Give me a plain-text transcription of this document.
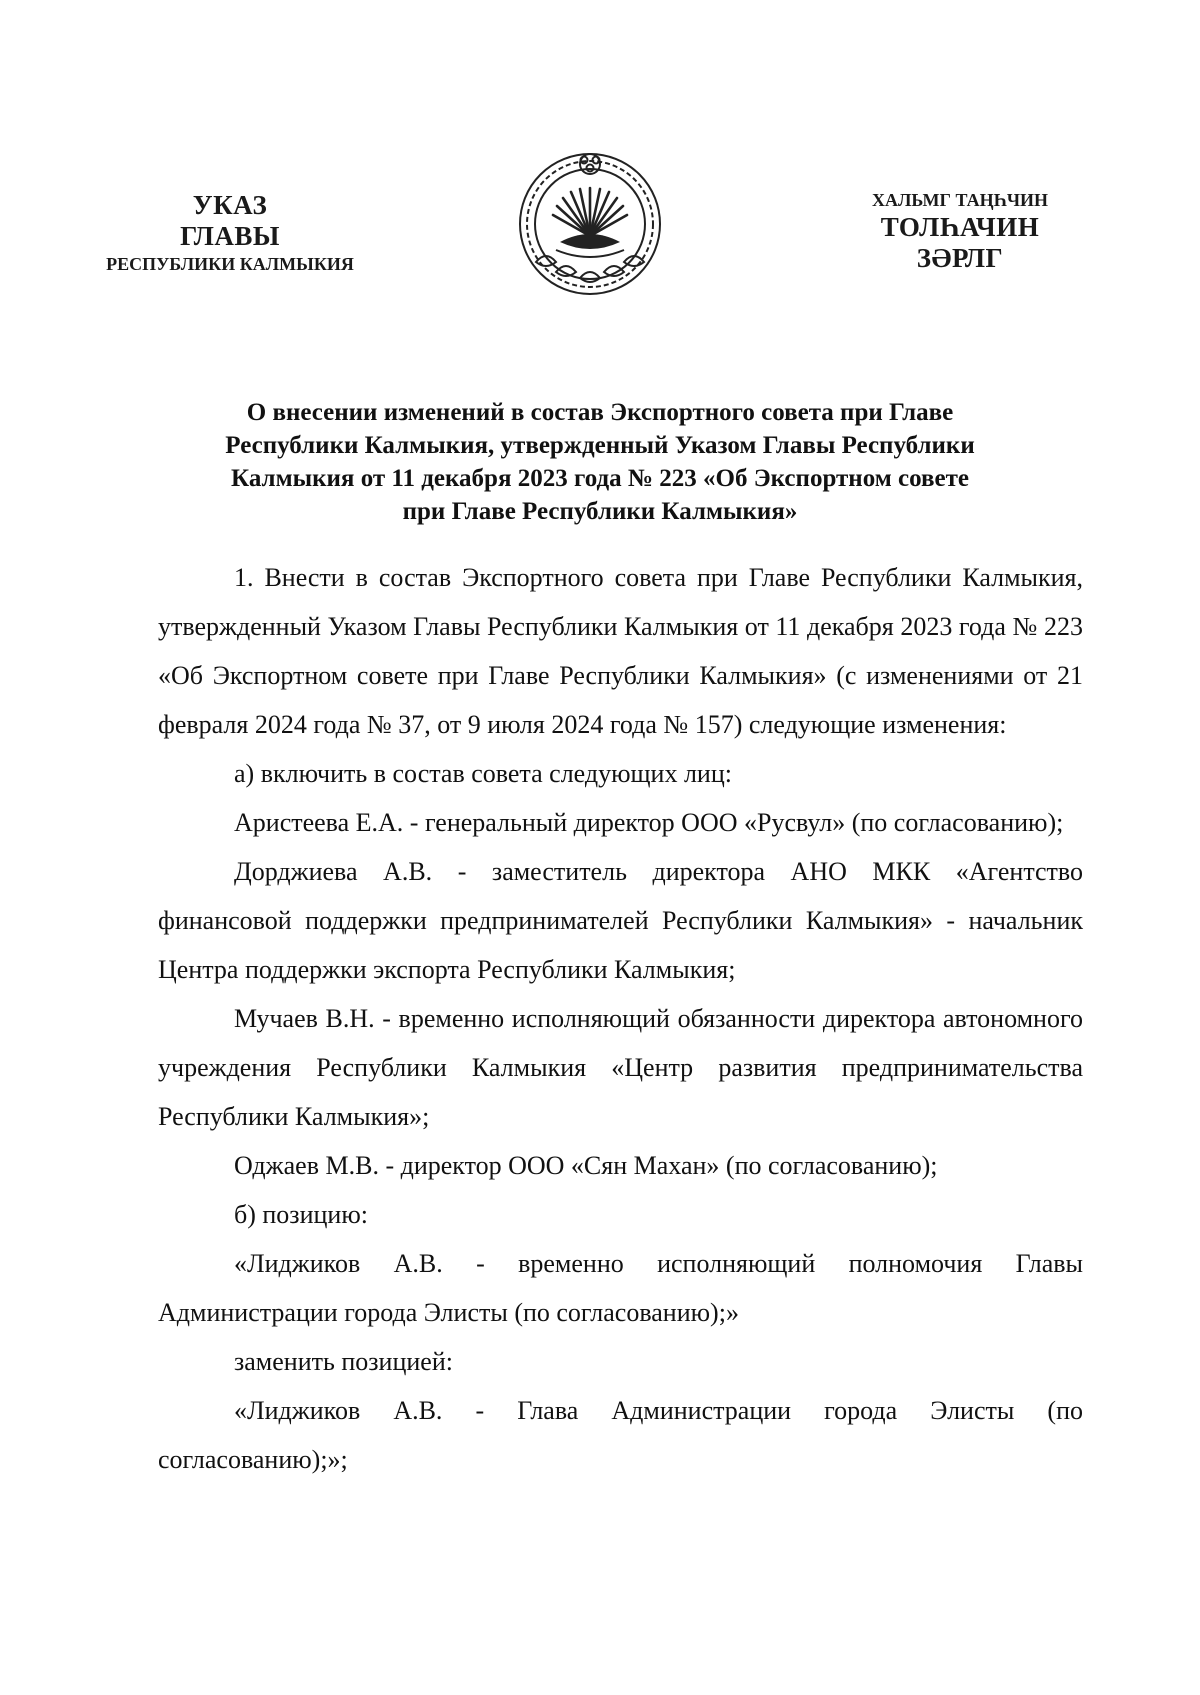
УКАЗ
ГЛАВЫ
РЕСПУБЛИКИ КАЛМЫКИЯ
ХАЛЬМГ ТАҢҺЧИН
ТОЛҺАЧИН
ЗӘРЛГ
О внесении изменений в состав Экспортного совета при Главе
Республики Калмыкия, утвержденный Указом Главы Республики
Калмыкия от 11 декабря 2023 года № 223 «Об Экспортном совете
при Главе Республики Калмыкия»

1. Внести в состав Экспортного совета при Главе Республики Калмыкия, утвержденный Указом Главы Республики Калмыкия от 11 декабря 2023 года № 223 «Об Экспортном совете при Главе Республики Калмыкия» (с изменениями от 21 февраля 2024 года № 37, от 9 июля 2024 года № 157) следующие изменения:

а) включить в состав совета следующих лиц:

Аристеева Е.А. - генеральный директор ООО «Русвул» (по согласованию);

Дорджиева А.В. - заместитель директора АНО МКК «Агентство финансовой поддержки предпринимателей Республики Калмыкия» - начальник Центра поддержки экспорта Республики Калмыкия;

Мучаев В.Н. - временно исполняющий обязанности директора автономного учреждения Республики Калмыкия «Центр развития предпринимательства Республики Калмыкия»;

Оджаев М.В. - директор ООО «Сян Махан» (по согласованию);

б) позицию:

«Лиджиков А.В. - временно исполняющий полномочия Главы Администрации города Элисты (по согласованию);»

заменить позицией:

«Лиджиков А.В. - Глава Администрации города Элисты (по согласованию);»;
